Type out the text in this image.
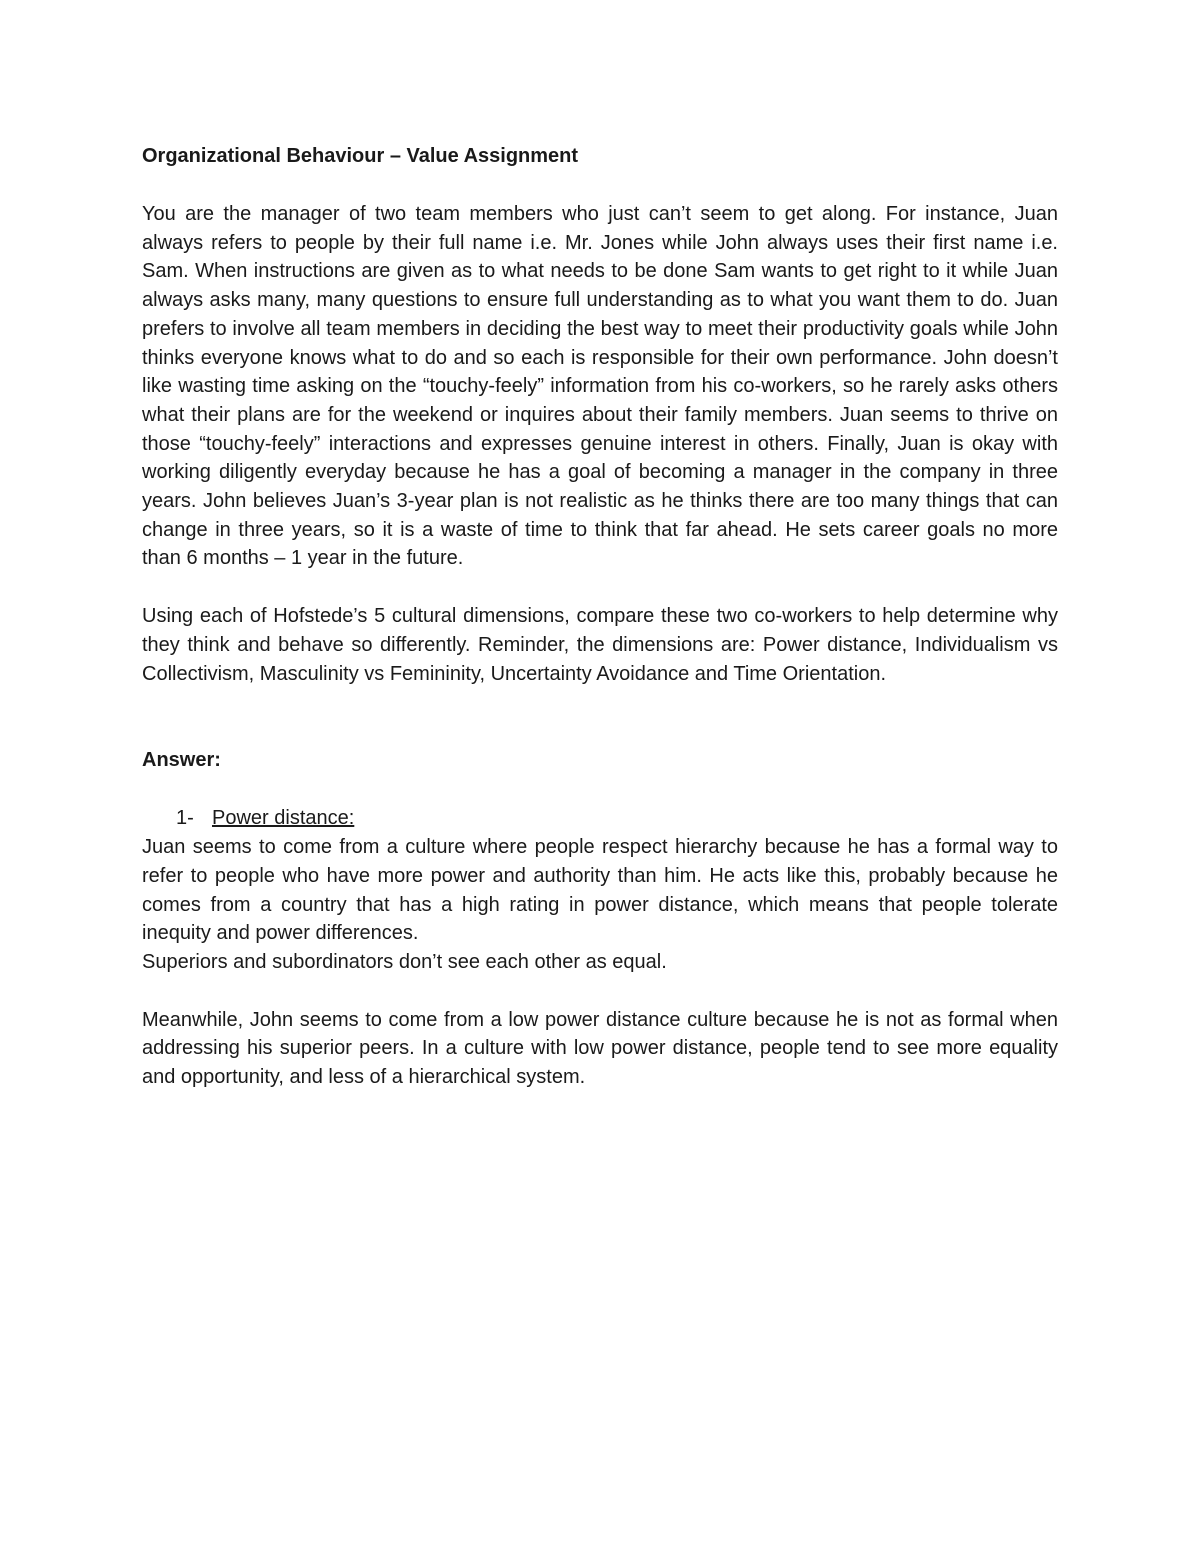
Organizational Behaviour – Value Assignment

You are the manager of two team members who just can’t seem to get along. For instance, Juan always refers to people by their full name i.e. Mr. Jones while John always uses their first name i.e. Sam. When instructions are given as to what needs to be done Sam wants to get right to it while Juan always asks many, many questions to ensure full understanding as to what you want them to do. Juan prefers to involve all team members in deciding the best way to meet their productivity goals while John thinks everyone knows what to do and so each is responsible for their own performance. John doesn’t like wasting time asking on the “touchy-feely” information from his co-workers, so he rarely asks others what their plans are for the weekend or inquires about their family members. Juan seems to thrive on those “touchy-feely” interactions and expresses genuine interest in others. Finally, Juan is okay with working diligently everyday because he has a goal of becoming a manager in the company in three years. John believes Juan’s 3-year plan is not realistic as he thinks there are too many things that can change in three years, so it is a waste of time to think that far ahead. He sets career goals no more than 6 months – 1 year in the future.

Using each of Hofstede’s 5 cultural dimensions, compare these two co-workers to help determine why they think and behave so differently. Reminder, the dimensions are: Power distance, Individualism vs Collectivism, Masculinity vs Femininity, Uncertainty Avoidance and Time Orientation.

Answer:

1- Power distance:

Juan seems to come from a culture where people respect hierarchy because he has a formal way to refer to people who have more power and authority than him. He acts like this, probably because he comes from a country that has a high rating in power distance, which means that people tolerate inequity and power differences.

Superiors and subordinators don’t see each other as equal.

Meanwhile, John seems to come from a low power distance culture because he is not as formal when addressing his superior peers. In a culture with low power distance, people tend to see more equality and opportunity, and less of a hierarchical system.
